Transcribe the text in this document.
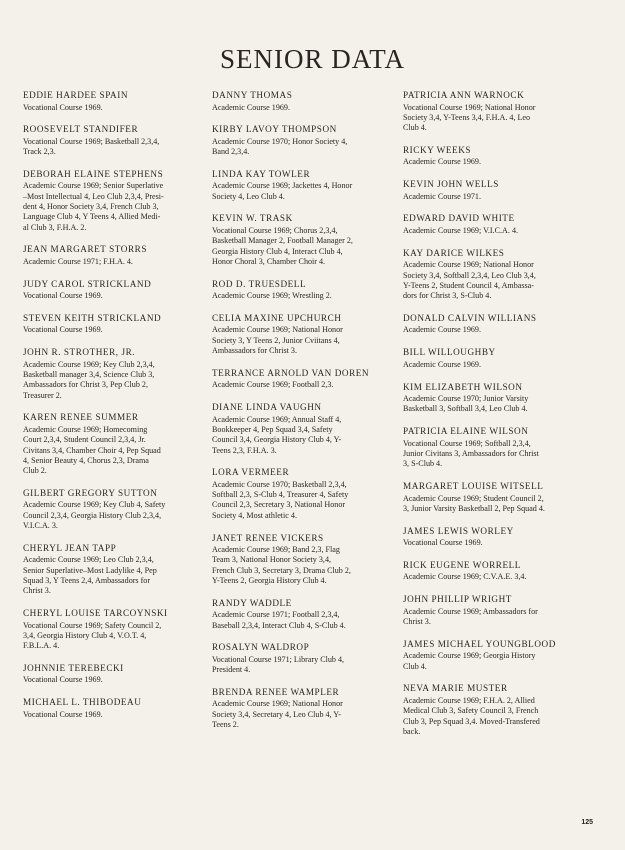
SENIOR DATA
EDDIE HARDEE SPAIN
Vocational Course 1969.
ROOSEVELT STANDIFER
Vocational Course 1969; Basketball 2,3,4,
Track 2,3.
DEBORAH ELAINE STEPHENS
Academic Course 1969; Senior Superlative
–Most Intellectual 4, Leo Club 2,3,4, Presi-
dent 4, Honor Society 3,4, French Club 3,
Language Club 4, Y Teens 4, Allied Medi-
al Club 3, F.H.A. 2.
JEAN MARGARET STORRS
Academic Course 1971; F.H.A. 4.
JUDY CAROL STRICKLAND
Vocational Course 1969.
STEVEN KEITH STRICKLAND
Vocational Course 1969.
JOHN R. STROTHER, JR.
Academic Course 1969; Key Club 2,3,4,
Basketball manager 3,4, Science Club 3,
Ambassadors for Christ 3, Pep Club 2,
Treasurer 2.
KAREN RENEE SUMMER
Academic Course 1969; Homecoming
Court 2,3,4, Student Council 2,3,4, Jr.
Civitans 3,4, Chamber Choir 4, Pep Squad
4, Senior Beauty 4, Chorus 2,3, Drama
Club 2.
GILBERT GREGORY SUTTON
Academic Course 1969; Key Club 4, Safety
Council 2,3,4, Georgia History Club 2,3,4,
V.I.C.A. 3.
CHERYL JEAN TAPP
Academic Course 1969; Leo Club 2,3,4,
Senior Superlative–Most Ladylike 4, Pep
Squad 3, Y Teens 2,4, Ambassadors for
Christ 3.
CHERYL LOUISE TARCOYNSKI
Vocational Course 1969; Safety Council 2,
3,4, Georgia History Club 4, V.O.T. 4,
F.B.L.A. 4.
JOHNNIE TEREBECKI
Vocational Course 1969.
MICHAEL L. THIBODEAU
Vocational Course 1969.
DANNY THOMAS
Academic Course 1969.
KIRBY LAVOY THOMPSON
Academic Course 1970; Honor Society 4,
Band 2,3,4.
LINDA KAY TOWLER
Academic Course 1969; Jackettes 4, Honor
Society 4, Leo Club 4.
KEVIN W. TRASK
Vocational Course 1969; Chorus 2,3,4,
Basketball Manager 2, Football Manager 2,
Georgia History Club 4, Interact Club 4,
Honor Choral 3, Chamber Choir 4.
ROD D. TRUESDELL
Academic Course 1969; Wrestling 2.
CELIA MAXINE UPCHURCH
Academic Course 1969; National Honor
Society 3, Y Teens 2, Junior Cviitans 4,
Ambassadors for Christ 3.
TERRANCE ARNOLD VAN DOREN
Academic Course 1969; Football 2,3.
DIANE LINDA VAUGHN
Academic Course 1969; Annual Staff 4,
Bookkeeper 4, Pep Squad 3,4, Safety
Council 3,4, Georgia History Club 4, Y-
Teens 2,3, F.H.A. 3.
LORA VERMEER
Academic Course 1970; Basketball 2,3,4,
Softball 2,3, S-Club 4, Treasurer 4, Safety
Council 2,3, Secretary 3, National Honor
Society 4, Most athletic 4.
JANET RENEE VICKERS
Academic Course 1969; Band 2,3, Flag
Team 3, National Honor Society 3,4,
French Club 3, Secretary 3, Drama Club 2,
Y-Teens 2, Georgia History Club 4.
RANDY WADDLE
Academic Course 1971; Football 2,3,4,
Baseball 2,3,4, Interact Club 4, S-Club 4.
ROSALYN WALDROP
Vocational Course 1971; Library Club 4,
President 4.
BRENDA RENEE WAMPLER
Academic Course 1969; National Honor
Society 3,4, Secretary 4, Leo Club 4, Y-
Teens 2.
PATRICIA ANN WARNOCK
Vocational Course 1969; National Honor
Society 3,4, Y-Teens 3,4, F.H.A. 4, Leo
Club 4.
RICKY WEEKS
Academic Course 1969.
KEVIN JOHN WELLS
Academic Course 1971.
EDWARD DAVID WHITE
Academic Course 1969; V.I.C.A. 4.
KAY DARICE WILKES
Academic Course 1969; National Honor
Society 3,4, Softball 2,3,4, Leo Club 3,4,
Y-Teens 2, Student Council 4, Ambassa-
dors for Christ 3, S-Club 4.
DONALD CALVIN WILLIANS
Academic Course 1969.
BILL WILLOUGHBY
Academic Course 1969.
KIM ELIZABETH WILSON
Academic Course 1970; Junior Varsity
Basketball 3, Softball 3,4, Leo Club 4.
PATRICIA ELAINE WILSON
Vocational Course 1969; Softball 2,3,4,
Junior Civitans 3, Ambassadors for Christ
3, S-Club 4.
MARGARET LOUISE WITSELL
Academic Course 1969; Student Council 2,
3, Junior Varsity Basketball 2, Pep Squad 4.
JAMES LEWIS WORLEY
Vocational Course 1969.
RICK EUGENE WORRELL
Academic Course 1969; C.V.A.E. 3,4.
JOHN PHILLIP WRIGHT
Academic Course 1969; Ambassadors for
Christ 3.
JAMES MICHAEL YOUNGBLOOD
Academic Course 1969; Georgia History
Club 4.
NEVA MARIE MUSTER
Academic Course 1969; F.H.A. 2, Allied
Medical Club 3, Safety Council 3, French
Club 3, Pep Squad 3,4. Moved-Transfered
back.
125
